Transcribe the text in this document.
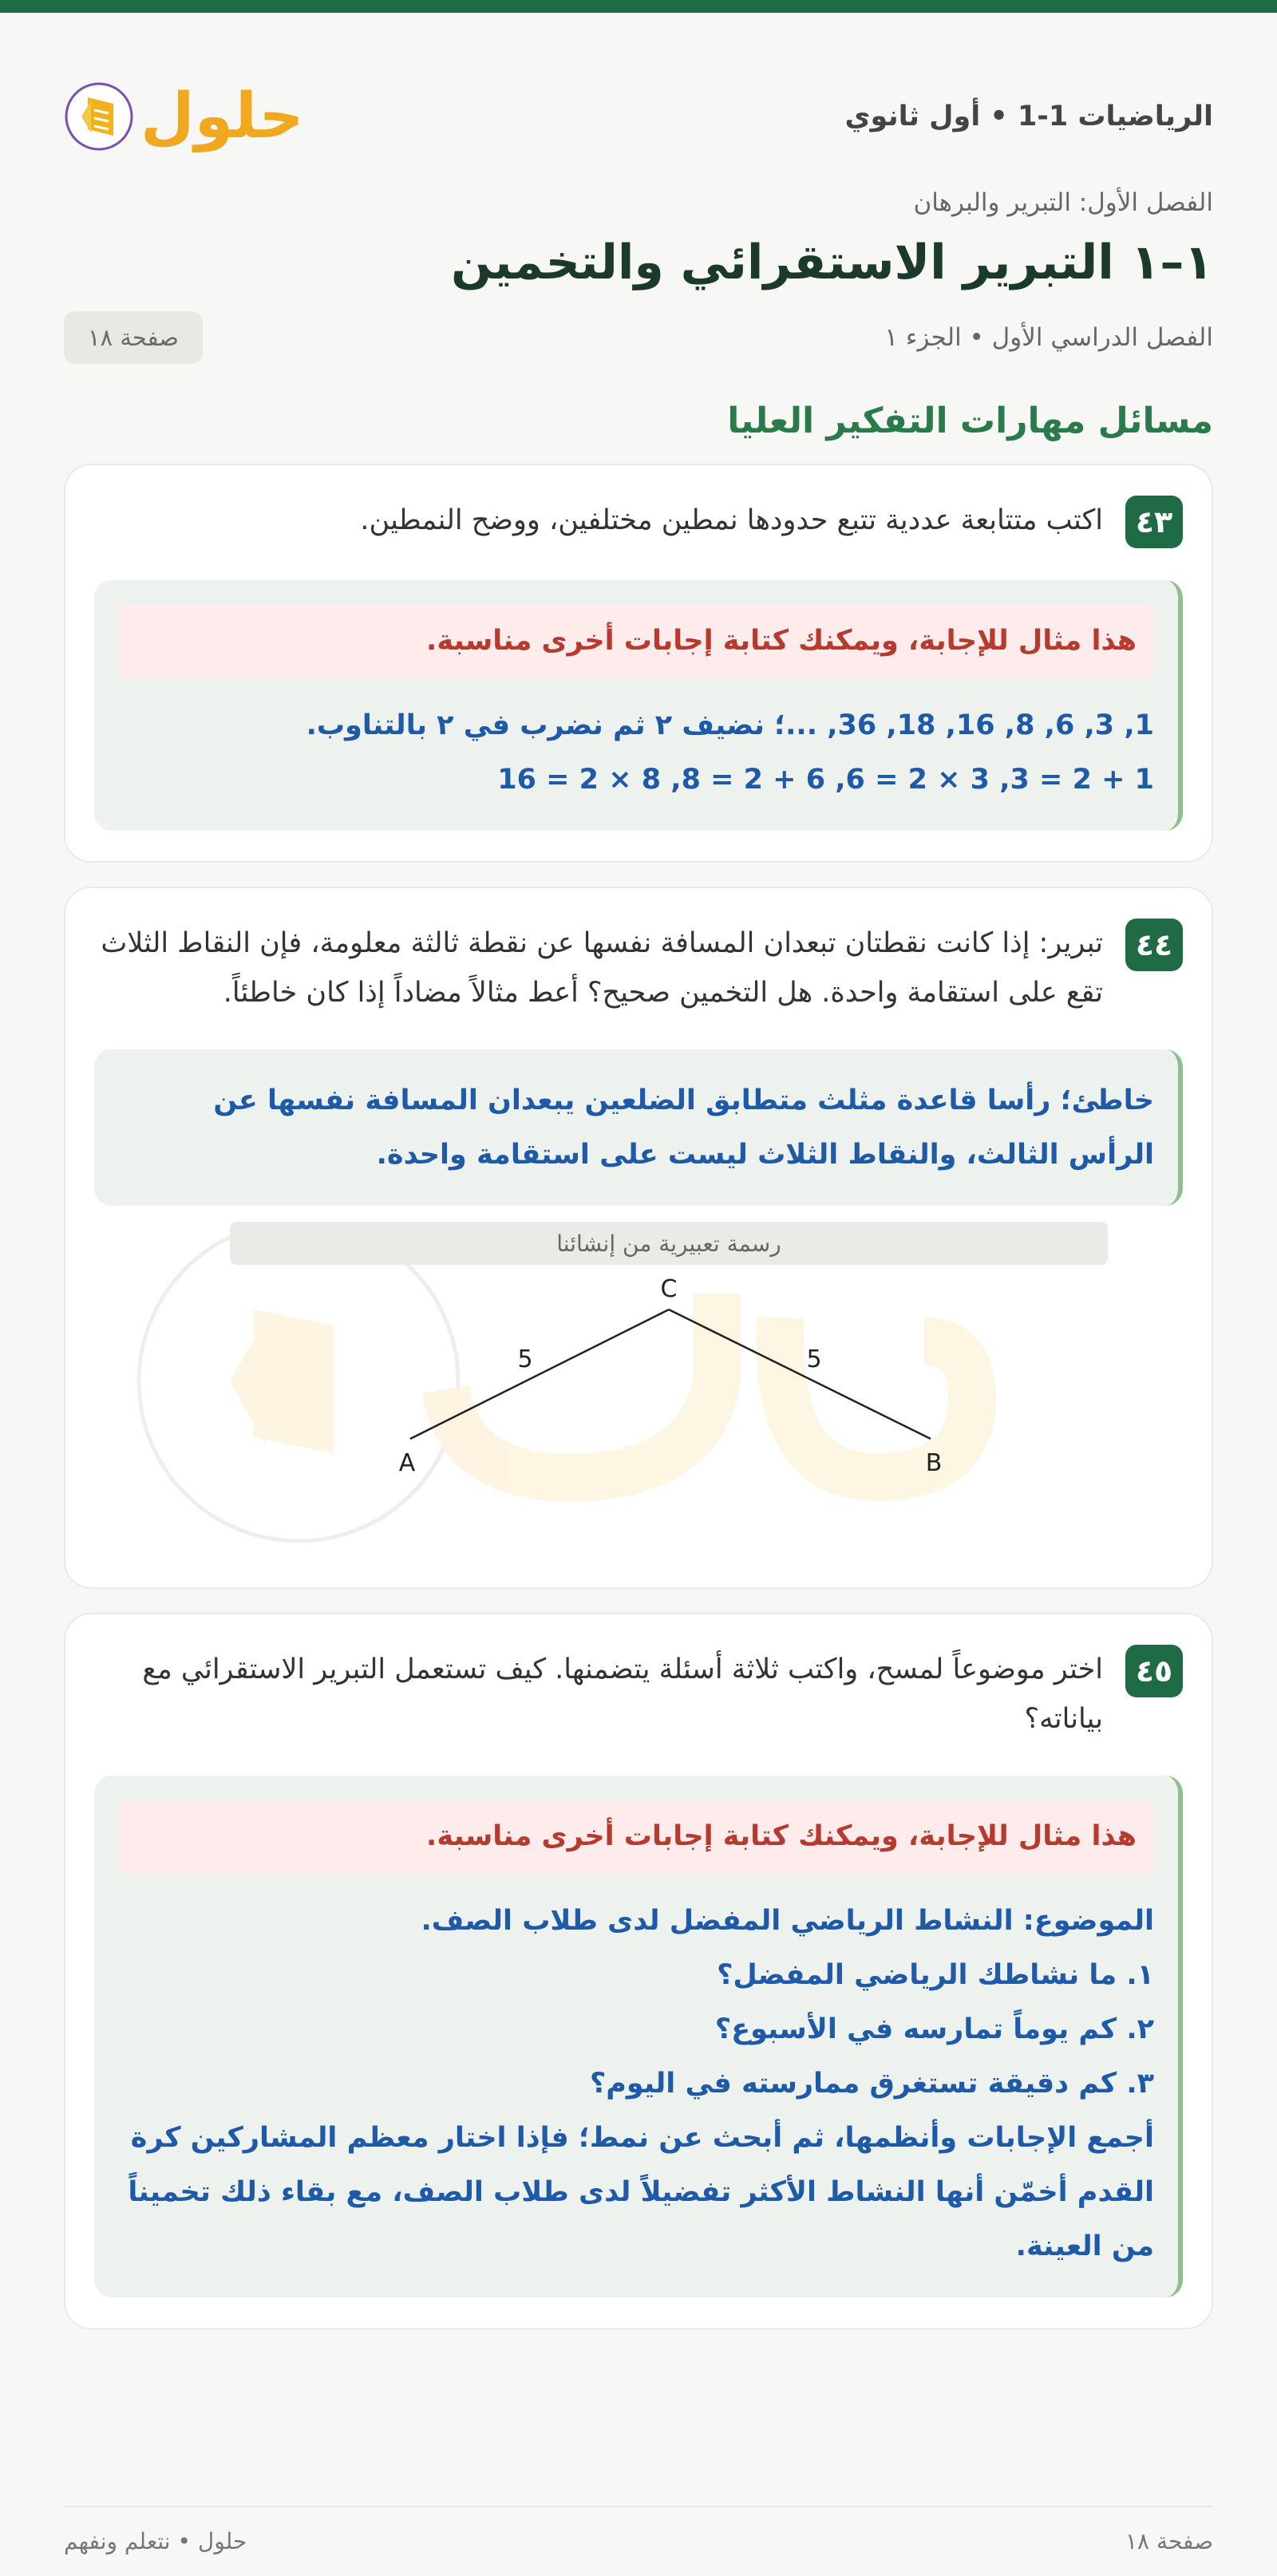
الرياضيات 1-1 • أول ثانوي
حلول
الفصل الأول: التبرير والبرهان
١–١ التبرير الاستقرائي والتخمين
الفصل الدراسي الأول • الجزء ١
صفحة ١٨
مسائل مهارات التفكير العليا
٤٣
اكتب متتابعة عددية تتبع حدودها نمطين مختلفين، ووضح النمطين.
هذا مثال للإجابة، ويمكنك كتابة إجابات أخرى مناسبة.
1, 3, 6, 8, 16, 18, 36, ...؛ نضيف ٢ ثم نضرب في ٢ بالتناوب.
1 + 2 = 3, 3 × 2 = 6, 6 + 2 = 8, 8 × 2 = 16
٤٤
تبرير: إذا كانت نقطتان تبعدان المسافة نفسها عن نقطة ثالثة معلومة، فإن النقاط الثلاث تقع على استقامة واحدة. هل التخمين صحيح؟ أعط مثالاً مضاداً إذا كان خاطئاً.
خاطئ؛ رأسا قاعدة مثلث متطابق الضلعين يبعدان المسافة نفسها عن الرأس الثالث، والنقاط الثلاث ليست على استقامة واحدة.
C
A	B
5	5
رسمة تعبيرية من إنشائنا
٤٥
اختر موضوعاً لمسح، واكتب ثلاثة أسئلة يتضمنها. كيف تستعمل التبرير الاستقرائي مع بياناته؟
هذا مثال للإجابة، ويمكنك كتابة إجابات أخرى مناسبة.
الموضوع: النشاط الرياضي المفضل لدى طلاب الصف.
١. ما نشاطك الرياضي المفضل؟
٢. كم يوماً تمارسه في الأسبوع؟
٣. كم دقيقة تستغرق ممارسته في اليوم؟
أجمع الإجابات وأنظمها، ثم أبحث عن نمط؛ فإذا اختار معظم المشاركين كرة القدم أخمّن أنها النشاط الأكثر تفضيلاً لدى طلاب الصف، مع بقاء ذلك تخميناً من العينة.
صفحة ١٨
حلول • نتعلم ونفهم
